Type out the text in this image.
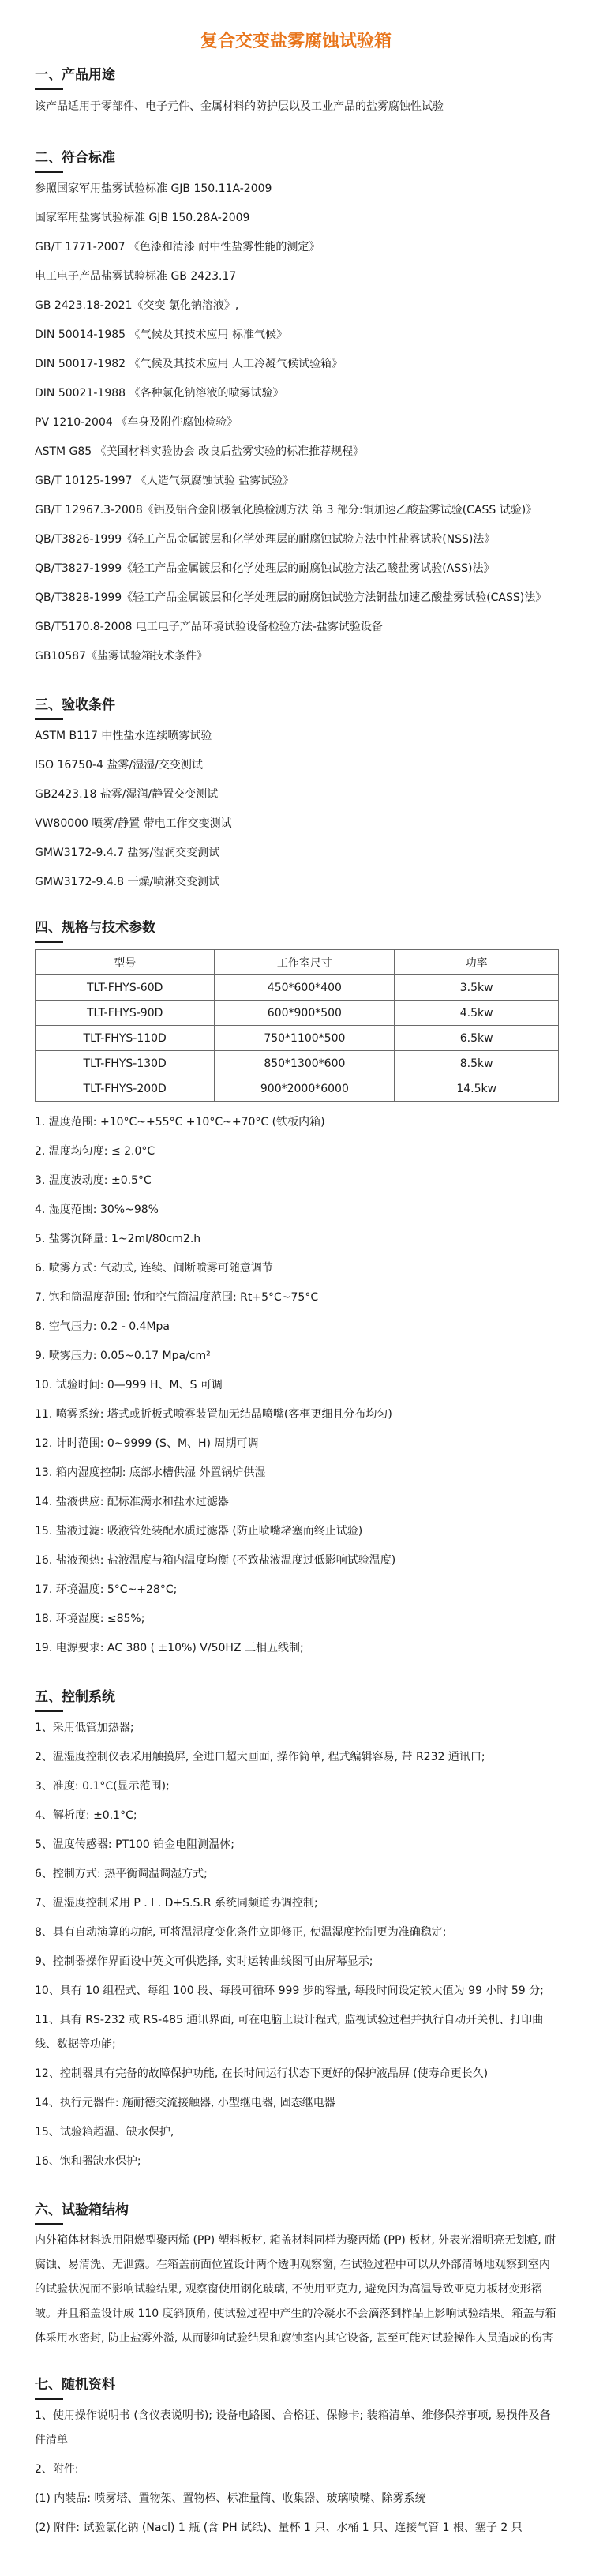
复合交变盐雾腐蚀试验箱
一、产品用途
该产品适用于零部件、电子元件、金属材料的防护层以及工业产品的盐雾腐蚀性试验
二、符合标准
参照国家军用盐雾试验标准 GJB 150.11A-2009
国家军用盐雾试验标准 GJB 150.28A-2009
GB/T 1771-2007 《色漆和清漆 耐中性盐雾性能的测定》
电工电子产品盐雾试验标准 GB 2423.17
GB 2423.18-2021《交变 氯化钠溶液》,
DIN 50014-1985 《气候及其技术应用 标准气候》
DIN 50017-1982 《气候及其技术应用 人工冷凝气候试验箱》
DIN 50021-1988 《各种氯化钠溶液的喷雾试验》
PV 1210-2004 《车身及附件腐蚀检验》
ASTM G85 《美国材料实验协会 改良后盐雾实验的标准推荐规程》
GB/T 10125-1997 《人造气氛腐蚀试验 盐雾试验》
GB/T 12967.3-2008《铝及铝合金阳极氧化膜检测方法 第 3 部分:铜加速乙酸盐雾试验(CASS 试验)》
QB/T3826-1999《轻工产品金属镀层和化学处理层的耐腐蚀试验方法中性盐雾试验(NSS)法》
QB/T3827-1999《轻工产品金属镀层和化学处理层的耐腐蚀试验方法乙酸盐雾试验(ASS)法》
QB/T3828-1999《轻工产品金属镀层和化学处理层的耐腐蚀试验方法铜盐加速乙酸盐雾试验(CASS)法》
GB/T5170.8-2008 电工电子产品环境试验设备检验方法-盐雾试验设备
GB10587《盐雾试验箱技术条件》
三、验收条件
ASTM B117 中性盐水连续喷雾试验
ISO 16750-4 盐雾/湿湿/交变测试
GB2423.18 盐雾/湿润/静置交变测试
VW80000 喷雾/静置 带电工作交变测试
GMW3172-9.4.7 盐雾/湿润交变测试
GMW3172-9.4.8 干燥/喷淋交变测试
四、规格与技术参数
型号	工作室尺寸	功率
TLT-FHYS-60D	450*600*400	3.5kw
TLT-FHYS-90D	600*900*500	4.5kw
TLT-FHYS-110D	750*1100*500	6.5kw
TLT-FHYS-130D	850*1300*600	8.5kw
TLT-FHYS-200D	900*2000*6000	14.5kw
1. 温度范围: +10°C~+55°C +10°C~+70°C (铁板内箱)
2. 温度均匀度: ≤ 2.0°C
3. 温度波动度: ±0.5°C
4. 湿度范围: 30%~98%
5. 盐雾沉降量: 1~2ml/80cm2.h
6. 喷雾方式: 气动式, 连续、间断喷雾可随意调节
7. 饱和筒温度范围: 饱和空气筒温度范围: Rt+5°C~75°C
8. 空气压力: 0.2 - 0.4Mpa
9. 喷雾压力: 0.05~0.17 Mpa/cm²
10. 试验时间: 0—999 H、M、S 可调
11. 喷雾系统: 塔式或折板式喷雾装置加无结晶喷嘴(客框更细且分布均匀)
12. 计时范围: 0~9999 (S、M、H) 周期可调
13. 箱内湿度控制: 底部水槽供湿 外置锅炉供湿
14. 盐液供应: 配标准满水和盐水过滤器
15. 盐液过滤: 吸液管处装配水质过滤器 (防止喷嘴堵塞而终止试验)
16. 盐液预热: 盐液温度与箱内温度均衡 (不致盐液温度过低影响试验温度)
17. 环境温度: 5°C~+28°C;
18. 环境湿度: ≤85%;
19. 电源要求: AC 380 ( ±10%) V/50HZ 三相五线制;
五、控制系统
1、采用低管加热器;
2、温湿度控制仪表采用触摸屏, 全进口超大画面, 操作简单, 程式编辑容易, 带 R232 通讯口;
3、准度: 0.1°C(显示范围);
4、解析度: ±0.1°C;
5、温度传感器: PT100 铂金电阻测温体;
6、控制方式: 热平衡调温调湿方式;
7、温湿度控制采用 P . I . D+S.S.R 系统同频道协调控制;
8、具有自动演算的功能, 可将温湿度变化条件立即修正, 使温湿度控制更为准确稳定;
9、控制器操作界面设中英文可供选择, 实时运转曲线图可由屏幕显示;
10、具有 10 组程式、每组 100 段、每段可循环 999 步的容量, 每段时间设定较大值为 99 小时 59 分;
11、具有 RS-232 或 RS-485 通讯界面, 可在电脑上设计程式, 监视试验过程并执行自动开关机、打印曲线、数据等功能;
12、控制器具有完备的故障保护功能, 在长时间运行状态下更好的保护液晶屏 (使寿命更长久)
14、执行元器件: 施耐德交流接触器, 小型继电器, 固态继电器
15、试验箱超温、缺水保护,
16、饱和器缺水保护;
六、试验箱结构
内外箱体材料选用阻燃型聚丙烯 (PP) 塑料板材, 箱盖材料同样为聚丙烯 (PP) 板材, 外表光滑明亮无划痕, 耐腐蚀、易清洗、无泄露。在箱盖前面位置设计两个透明观察窗, 在试验过程中可以从外部清晰地观察到室内的试验状况而不影响试验结果, 观察窗使用钢化玻璃, 不使用亚克力, 避免因为高温导致亚克力板材变形褶皱。并且箱盖设计成 110 度斜顶角, 使试验过程中产生的冷凝水不会滴落到样品上影响试验结果。箱盖与箱体采用水密封, 防止盐雾外溢, 从而影响试验结果和腐蚀室内其它设备, 甚至可能对试验操作人员造成的伤害
七、随机资料
1、使用操作说明书 (含仪表说明书); 设备电路图、合格证、保修卡; 装箱清单、维修保养事项, 易损件及备件清单
2、附件:
(1) 内装品: 喷雾塔、置物架、置物棒、标准量筒、收集器、玻璃喷嘴、除雾系统
(2) 附件: 试验氯化钠 (Nacl) 1 瓶 (含 PH 试纸)、量杯 1 只、水桶 1 只、连接气管 1 根、塞子 2 只
